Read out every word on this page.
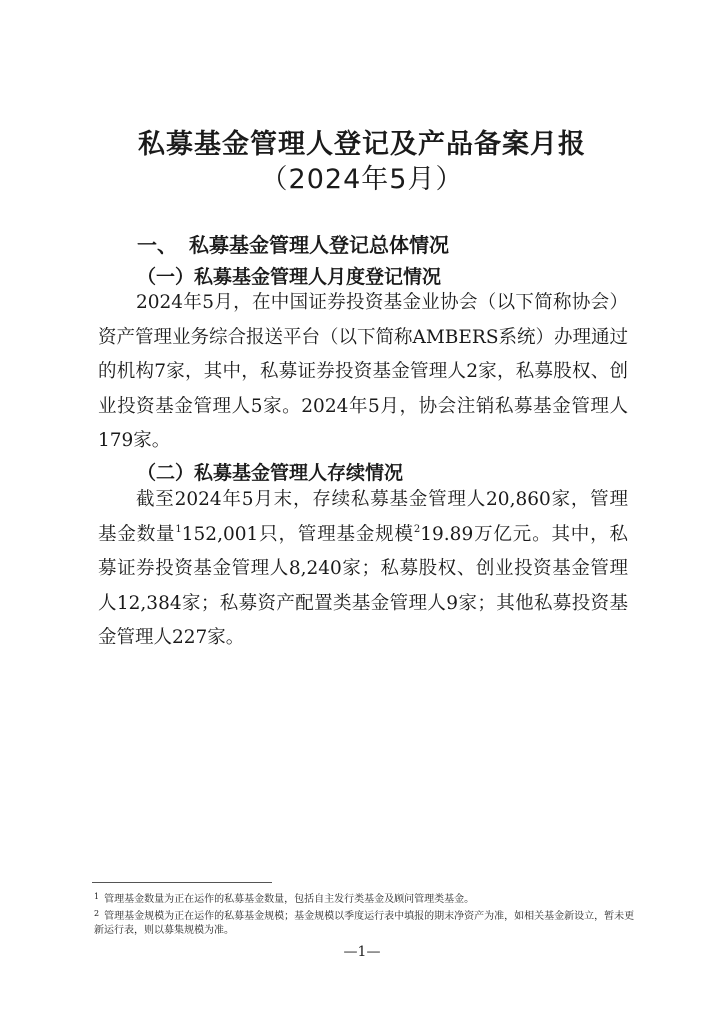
私募基金管理人登记及产品备案月报
（2024年5月）
一、 私募基金管理人登记总体情况
（一）私募基金管理人月度登记情况

2024年5月，在中国证券投资基金业协会（以下简称协会）资产管理业务综合报送平台（以下简称AMBERS系统）办理通过的机构7家，其中，私募证券投资基金管理人2家，私募股权、创业投资基金管理人5家。2024年5月，协会注销私募基金管理人179家。

（二）私募基金管理人存续情况

截至2024年5月末，存续私募基金管理人20,860家，管理基金数量$^1$152,001只，管理基金规模$^2$19.89万亿元。其中，私募证券投资基金管理人8,240家；私募股权、创业投资基金管理人12,384家；私募资产配置类基金管理人9家；其他私募投资基金管理人227家。

$^1$ 管理基金数量为正在运作的私募基金数量，包括自主发行类基金及顾问管理类基金。

$^2$ 管理基金规模为正在运作的私募基金规模；基金规模以季度运行表中填报的期末净资产为准，如相关基金新设立，暂未更新运行表，则以募集规模为准。

—1—
